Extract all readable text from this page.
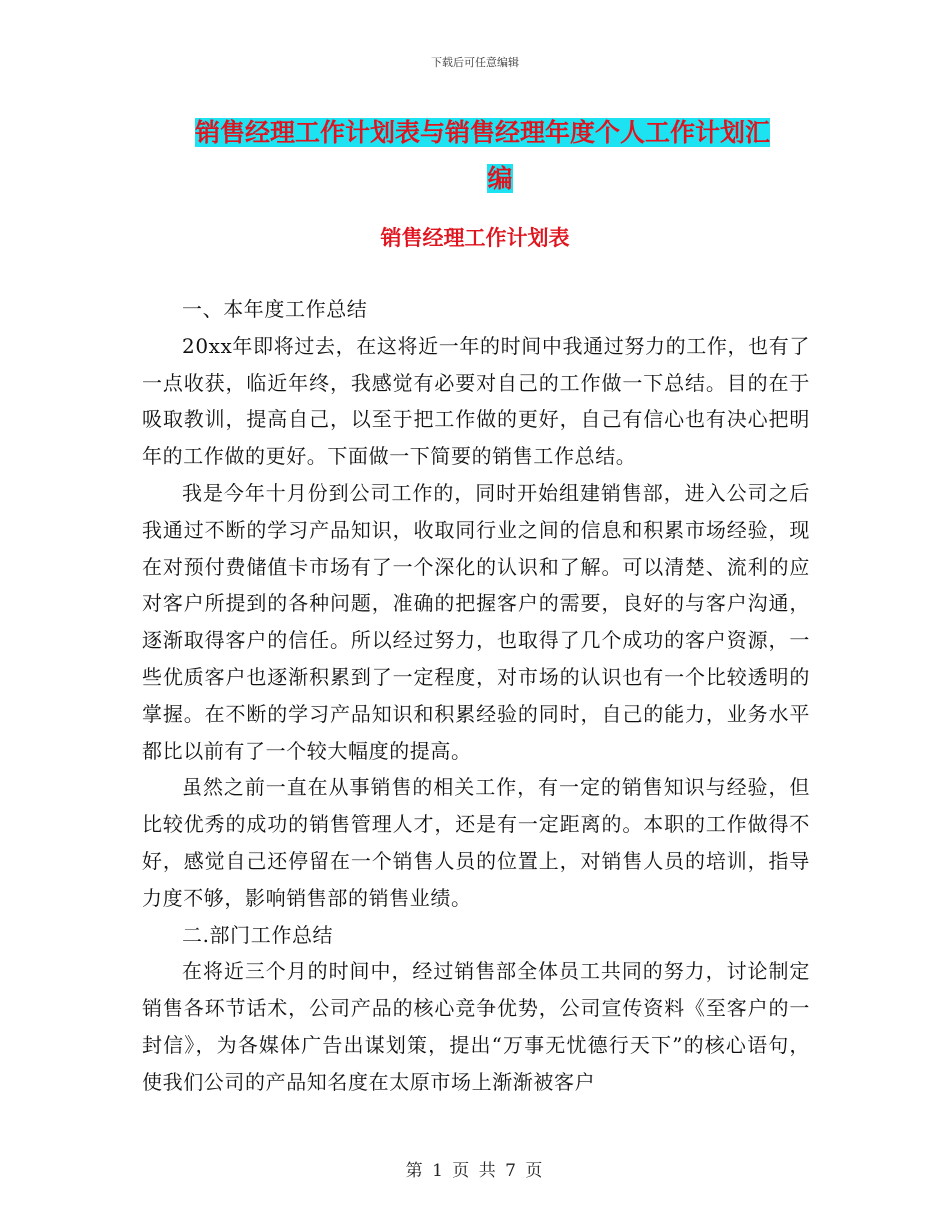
下载后可任意编辑
销售经理工作计划表与销售经理年度个人工作计划汇
编
销售经理工作计划表

一、本年度工作总结

20xx年即将过去，在这将近一年的时间中我通过努力的工作，也有了一点收获，临近年终，我感觉有必要对自己的工作做一下总结。目的在于吸取教训，提高自己，以至于把工作做的更好，自己有信心也有决心把明年的工作做的更好。下面做一下简要的销售工作总结。

我是今年十月份到公司工作的，同时开始组建销售部，进入公司之后我通过不断的学习产品知识，收取同行业之间的信息和积累市场经验，现在对预付费储值卡市场有了一个深化的认识和了解。可以清楚、流利的应对客户所提到的各种问题，准确的把握客户的需要，良好的与客户沟通，逐渐取得客户的信任。所以经过努力，也取得了几个成功的客户资源，一些优质客户也逐渐积累到了一定程度，对市场的认识也有一个比较透明的掌握。在不断的学习产品知识和积累经验的同时，自己的能力，业务水平都比以前有了一个较大幅度的提高。

虽然之前一直在从事销售的相关工作，有一定的销售知识与经验，但比较优秀的成功的销售管理人才，还是有一定距离的。本职的工作做得不好，感觉自己还停留在一个销售人员的位置上，对销售人员的培训，指导力度不够，影响销售部的销售业绩。

二.部门工作总结

在将近三个月的时间中，经过销售部全体员工共同的努力，讨论制定销售各环节话术，公司产品的核心竞争优势，公司宣传资料《至客户的一封信》，为各媒体广告出谋划策，提出“万事无忧德行天下”的核心语句，使我们公司的产品知名度在太原市场上渐渐被客户

第 1 页 共 7 页
